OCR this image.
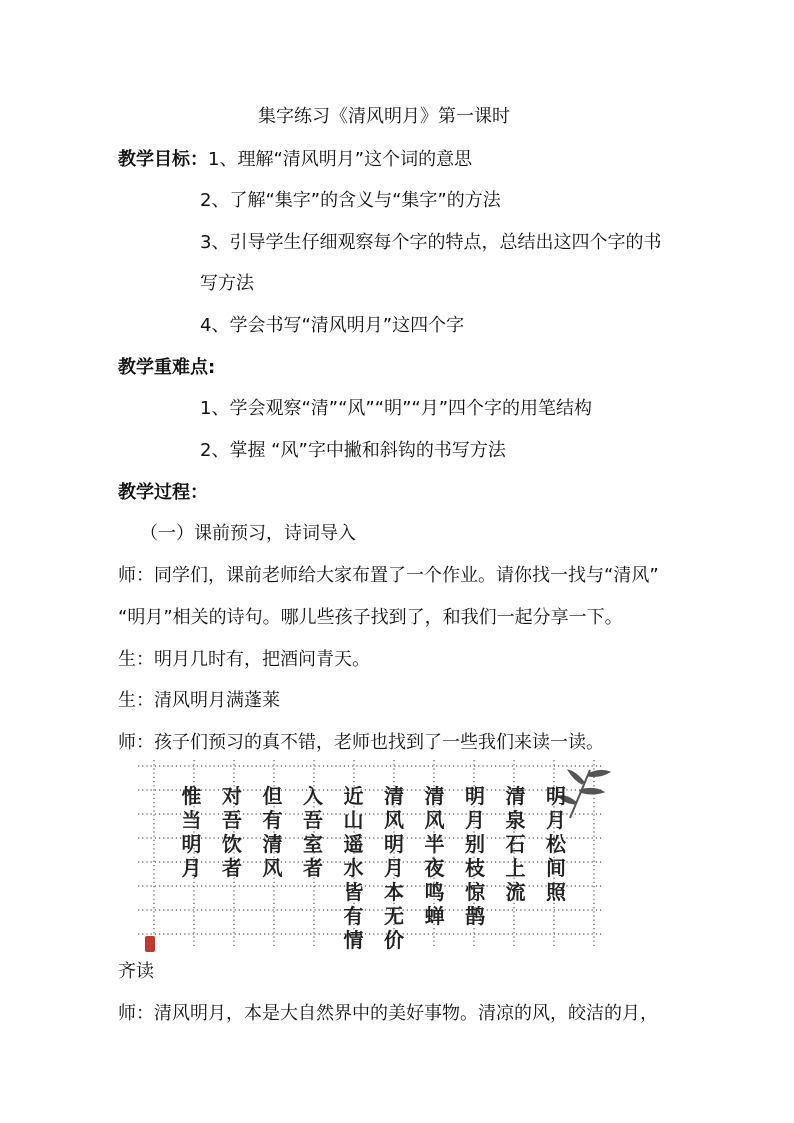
集字练习《清风明月》第一课时
教学目标：1、理解“清风明月”这个词的意思
2、了解“集字”的含义与“集字”的方法
3、引导学生仔细观察每个字的特点，总结出这四个字的书
写方法
4、学会书写“清风明月”这四个字
教学重难点:
1、学会观察“清”“风”“明”“月”四个字的用笔结构
2、掌握 “风”字中撇和斜钩的书写方法
教学过程：
（一）课前预习，诗词导入
师：同学们，课前老师给大家布置了一个作业。请你找一找与“清风”
“明月”相关的诗句。哪儿些孩子找到了，和我们一起分享一下。
生：明月几时有，把酒问青天。
生：清风明月满蓬莱
师：孩子们预习的真不错，老师也找到了一些我们来读一读。
明
月
松
间
照
清
泉
石
上
流
明
月
别
枝
惊
鹊
清
风
半
夜
鸣
蝉
清
风
明
月
本
无
价
近
山
遥
水
皆
有
情
入
吾
室
者
但
有
清
风
对
吾
饮
者
惟
当
明
月
齐读
师：清风明月，本是大自然界中的美好事物。清凉的风，皎洁的月，
